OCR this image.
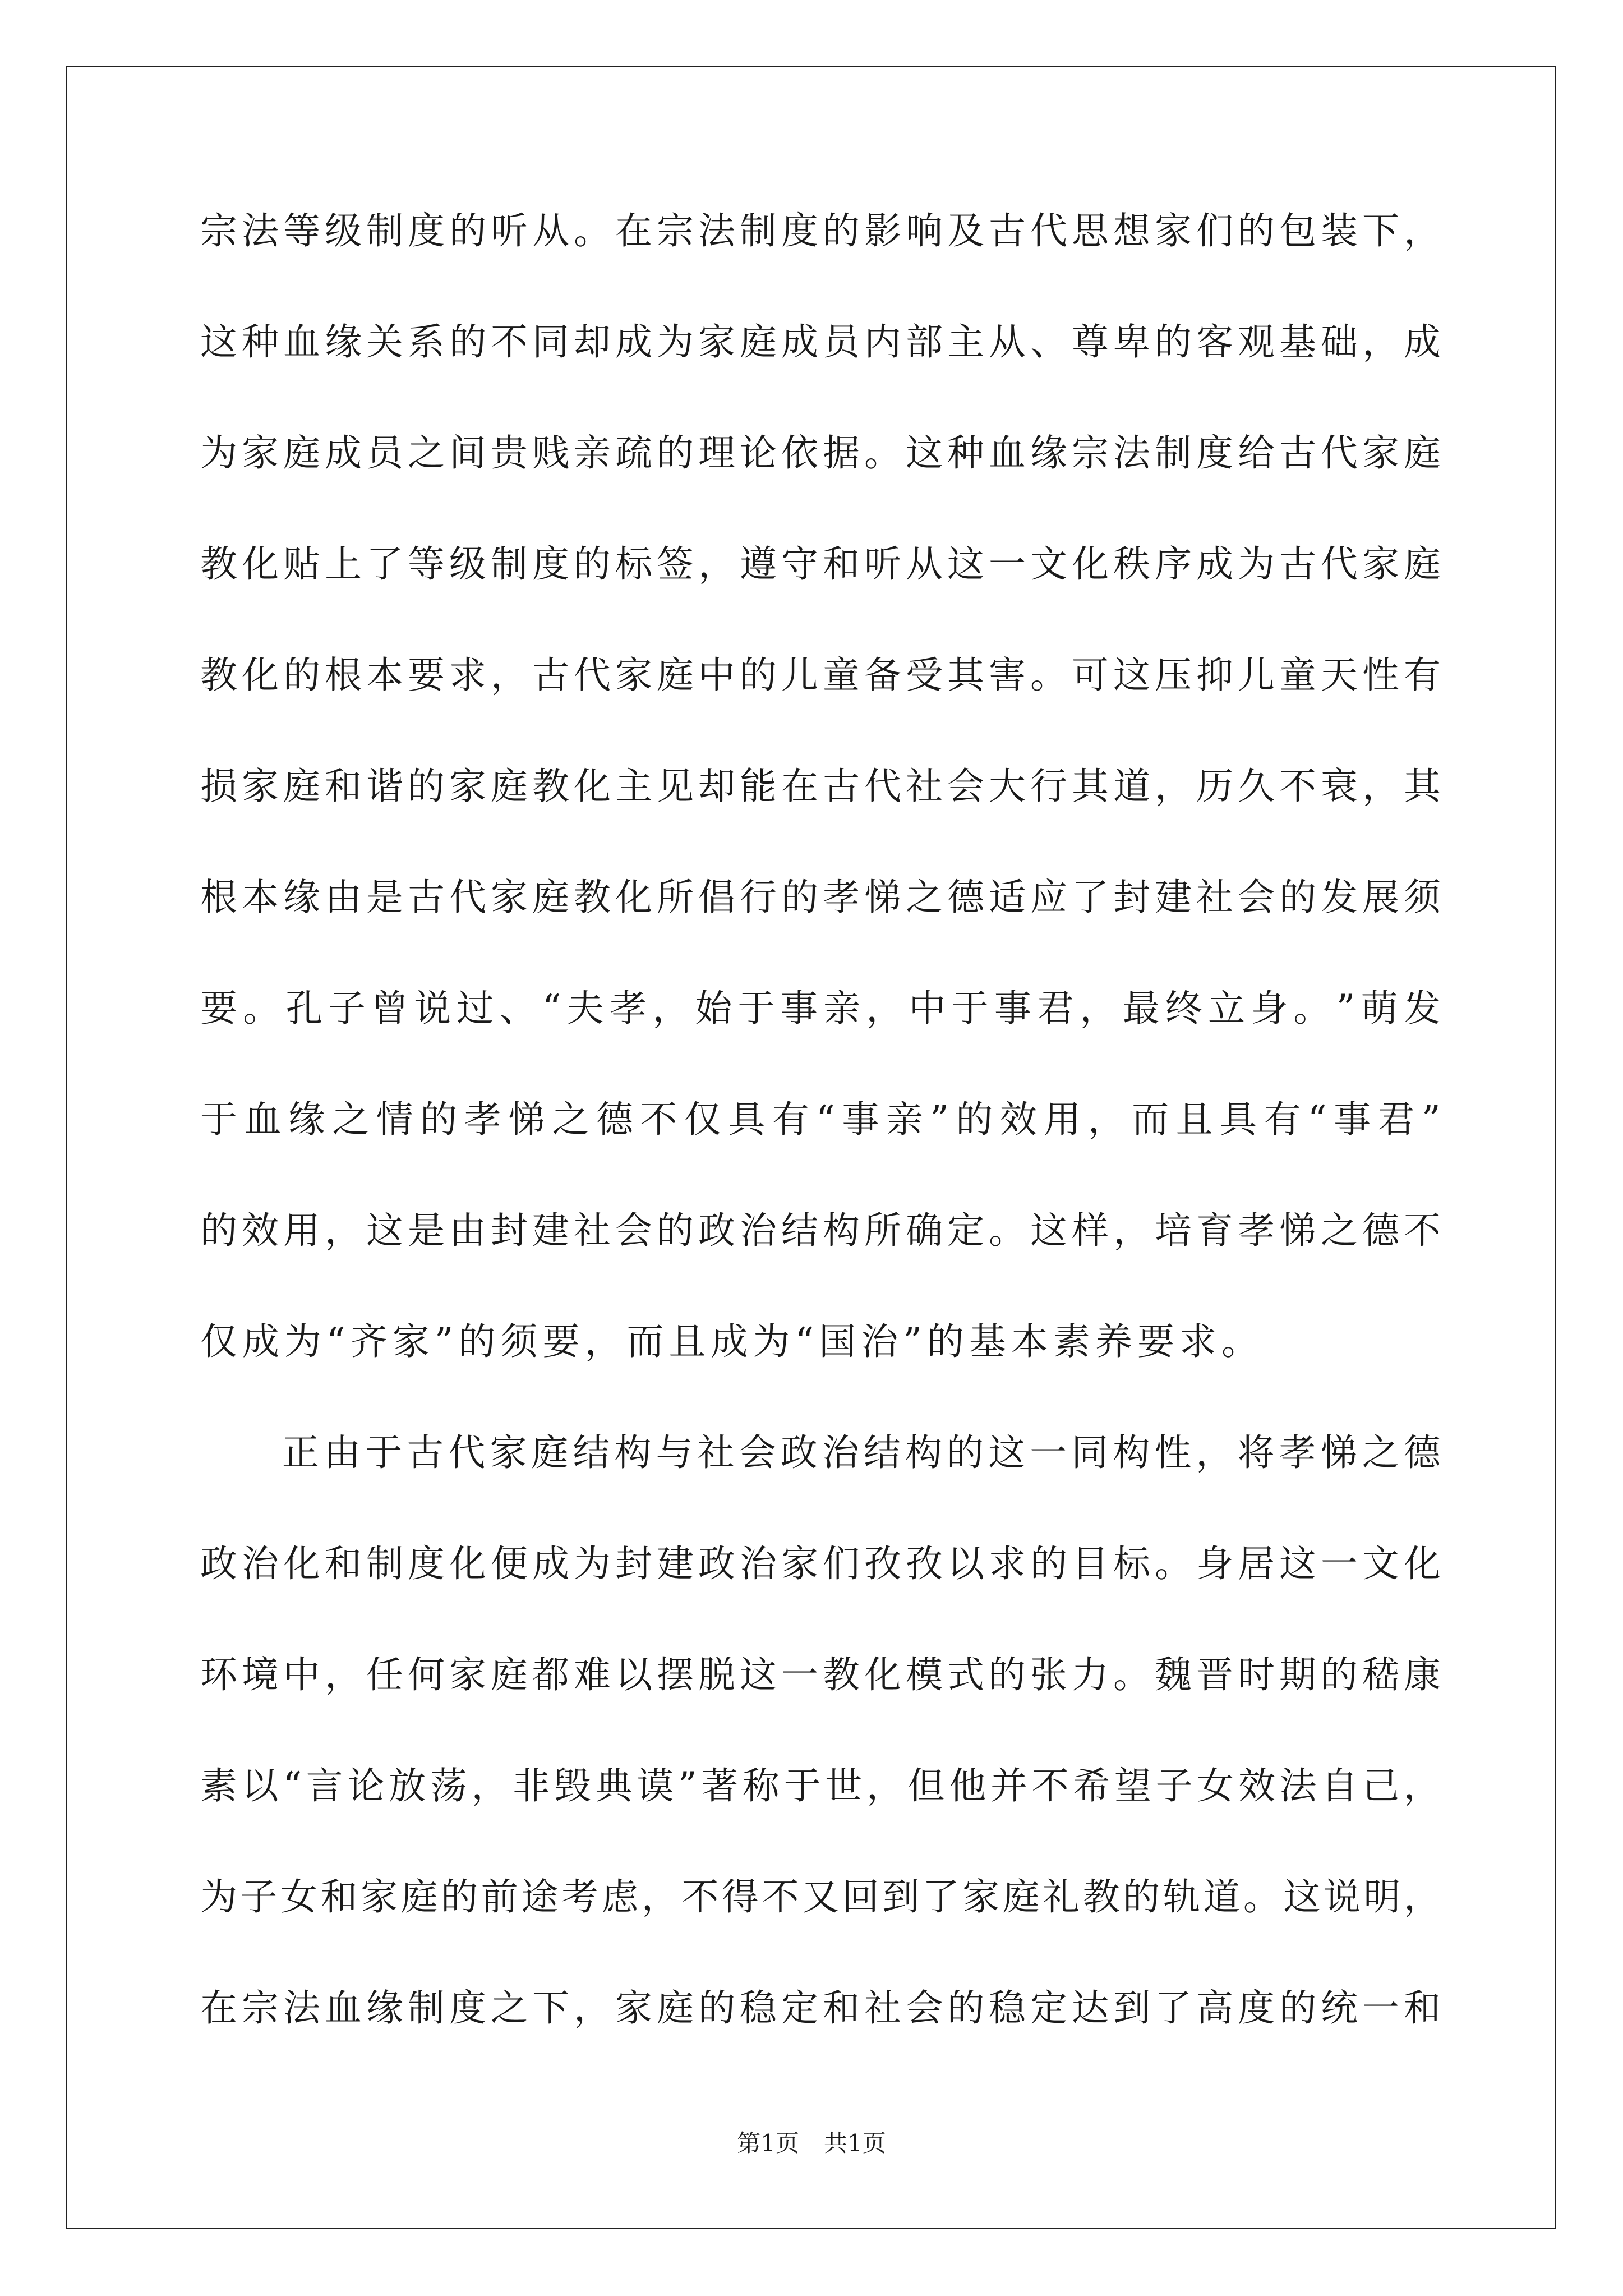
宗 法 等 级 制 度 的 听 从 。 在 宗 法 制 度 的 影 响 及 古 代 思 想 家 们 的 包 装 下 ，
这 种 血 缘 关 系 的 不 同 却 成 为 家 庭 成 员 内 部 主 从 、 尊 卑 的 客 观 基 础 ， 成
为 家 庭 成 员 之 间 贵 贱 亲 疏 的 理 论 依 据 。 这 种 血 缘 宗 法 制 度 给 古 代 家 庭
教 化 贴 上 了 等 级 制 度 的 标 签 ， 遵 守 和 听 从 这 一 文 化 秩 序 成 为 古 代 家 庭
教 化 的 根 本 要 求 ， 古 代 家 庭 中 的 儿 童 备 受 其 害 。 可 这 压 抑 儿 童 天 性 有
损 家 庭 和 谐 的 家 庭 教 化 主 见 却 能 在 古 代 社 会 大 行 其 道 ， 历 久 不 衰 ， 其
根 本 缘 由 是 古 代 家 庭 教 化 所 倡 行 的 孝 悌 之 德 适 应 了 封 建 社 会 的 发 展 须
要 。 孔 子 曾 说 过 、 “ 夫 孝 ， 始 于 事 亲 ， 中 于 事 君 ， 最 终 立 身 。 ” 萌 发
于 血 缘 之 情 的 孝 悌 之 德 不 仅 具 有 “ 事 亲 ” 的 效 用 ， 而 且 具 有 “ 事 君 ”
的 效 用 ， 这 是 由 封 建 社 会 的 政 治 结 构 所 确 定 。 这 样 ， 培 育 孝 悌 之 德 不
仅成为“齐家”的须要，而且成为“国治”的基本素养要求。
正 由 于 古 代 家 庭 结 构 与 社 会 政 治 结 构 的 这 一 同 构 性 ， 将 孝 悌 之 德
政 治 化 和 制 度 化 便 成 为 封 建 政 治 家 们 孜 孜 以 求 的 目 标 。 身 居 这 一 文 化
环 境 中 ， 任 何 家 庭 都 难 以 摆 脱 这 一 教 化 模 式 的 张 力 。 魏 晋 时 期 的 嵇 康
素 以 “ 言 论 放 荡 ， 非 毁 典 谟 ” 著 称 于 世 ， 但 他 并 不 希 望 子 女 效 法 自 己 ，
为 子 女 和 家 庭 的 前 途 考 虑 ， 不 得 不 又 回 到 了 家 庭 礼 教 的 轨 道 。 这 说 明 ，
在 宗 法 血 缘 制 度 之 下 ， 家 庭 的 稳 定 和 社 会 的 稳 定 达 到 了 高 度 的 统 一 和
第1页 共1页
